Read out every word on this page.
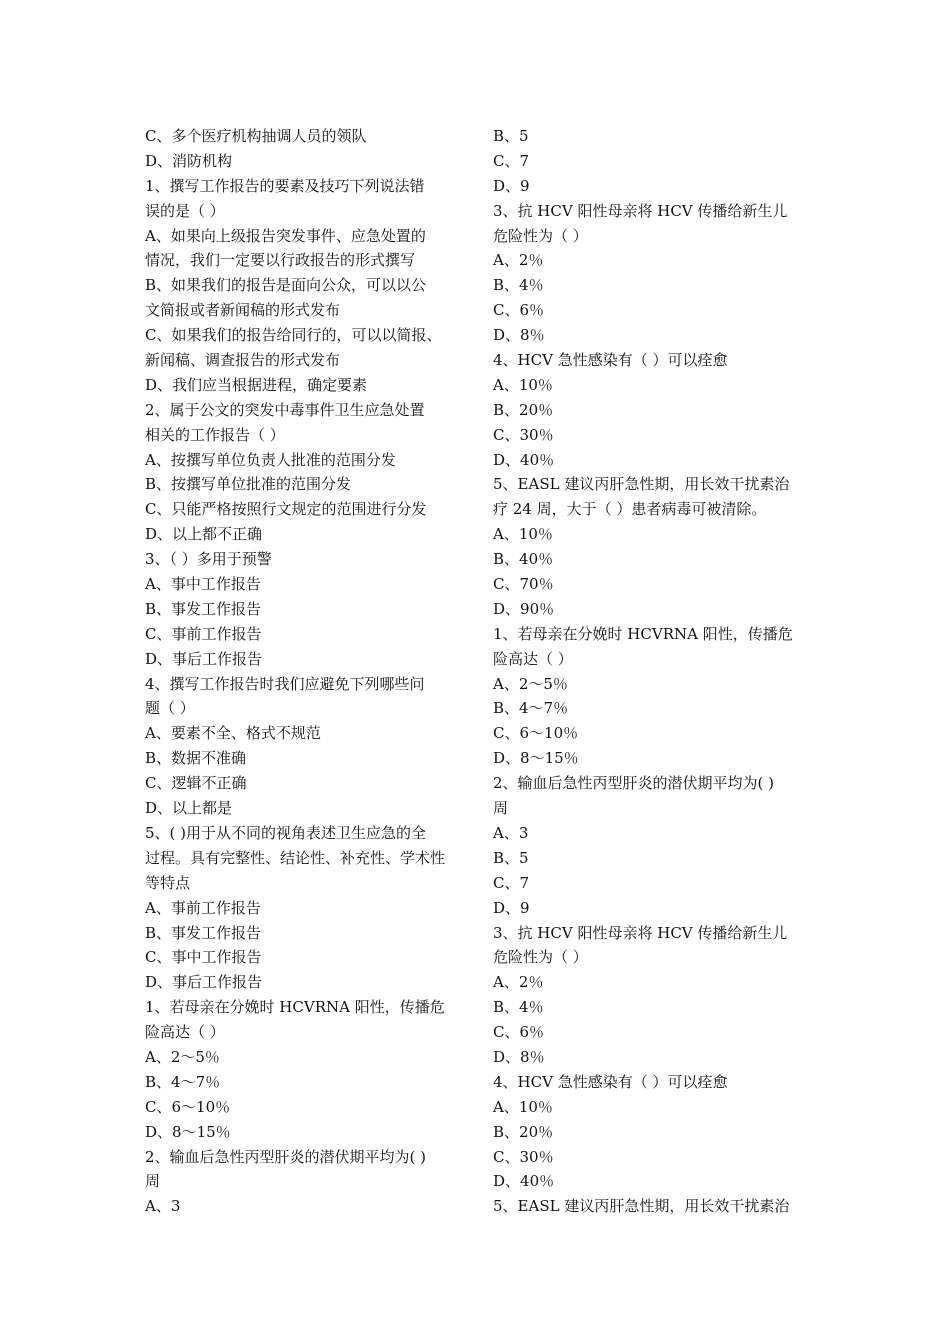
C、多个医疗机构抽调人员的领队
D、消防机构
1、撰写工作报告的要素及技巧下列说法错
误的是（ ）
A、如果向上级报告突发事件、应急处置的
情况，我们一定要以行政报告的形式撰写
B、如果我们的报告是面向公众，可以以公
文简报或者新闻稿的形式发布
C、如果我们的报告给同行的，可以以简报、
新闻稿、调查报告的形式发布
D、我们应当根据进程，确定要素
2、属于公文的突发中毒事件卫生应急处置
相关的工作报告（ ）
A、按撰写单位负责人批准的范围分发
B、按撰写单位批准的范围分发
C、只能严格按照行文规定的范围进行分发
D、以上都不正确
3、（ ）多用于预警
A、事中工作报告
B、事发工作报告
C、事前工作报告
D、事后工作报告
4、撰写工作报告时我们应避免下列哪些问
题（ ）
A、要素不全、格式不规范
B、数据不准确
C、逻辑不正确
D、以上都是
5、( )用于从不同的视角表述卫生应急的全
过程。具有完整性、结论性、补充性、学术性
等特点
A、事前工作报告
B、事发工作报告
C、事中工作报告
D、事后工作报告
1、若母亲在分娩时 HCVRNA 阳性，传播危
险高达（ ）
A、2～5％
B、4～7％
C、6～10％
D、8～15％
2、输血后急性丙型肝炎的潜伏期平均为( )
周
A、3
B、5
C、7
D、9
3、抗 HCV 阳性母亲将 HCV 传播给新生儿
危险性为（ ）
A、2％
B、4％
C、6％
D、8％
4、HCV 急性感染有（ ）可以痊愈
A、10％
B、20％
C、30％
D、40％
5、EASL 建议丙肝急性期，用长效干扰素治
疗 24 周，大于（ ）患者病毒可被清除。
A、10％
B、40％
C、70％
D、90％
1、若母亲在分娩时 HCVRNA 阳性，传播危
险高达（ ）
A、2～5％
B、4～7％
C、6～10％
D、8～15％
2、输血后急性丙型肝炎的潜伏期平均为( )
周
A、3
B、5
C、7
D、9
3、抗 HCV 阳性母亲将 HCV 传播给新生儿
危险性为（ ）
A、2％
B、4％
C、6％
D、8％
4、HCV 急性感染有（ ）可以痊愈
A、10％
B、20％
C、30％
D、40％
5、EASL 建议丙肝急性期，用长效干扰素治
